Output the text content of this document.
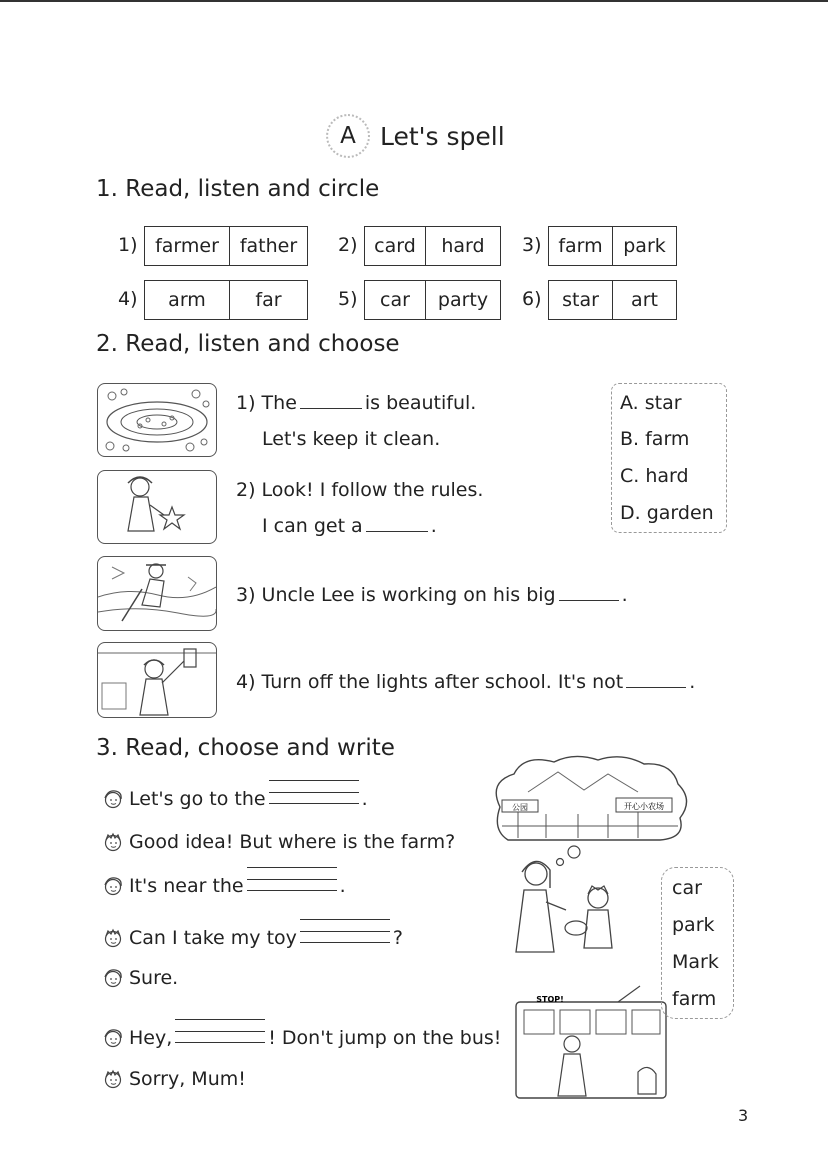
A Let's spell
1. Read, listen and circle
1) farmer	father	2) card	hard	3) farm	park
4)	arm	far	5)	car	party	6)	star	art
2. Read, listen and choose
1) The	is beautiful.
Let's keep it clean.
2) Look! I follow the rules.
I can get a	.
3) Uncle Lee is working on his big	.
4) Turn off the lights after school. It's not	.
A. star
B. farm
C. hard
D. garden
3. Read, choose and write
Let's go to the	.
Good idea! But where is the farm?
It's near the	.
Can I take my toy	?
Sure.
Hey,	! Don't jump on the bus!
Sorry, Mum!
公园	开心小农场
STOP!
car
park
Mark
farm
3
